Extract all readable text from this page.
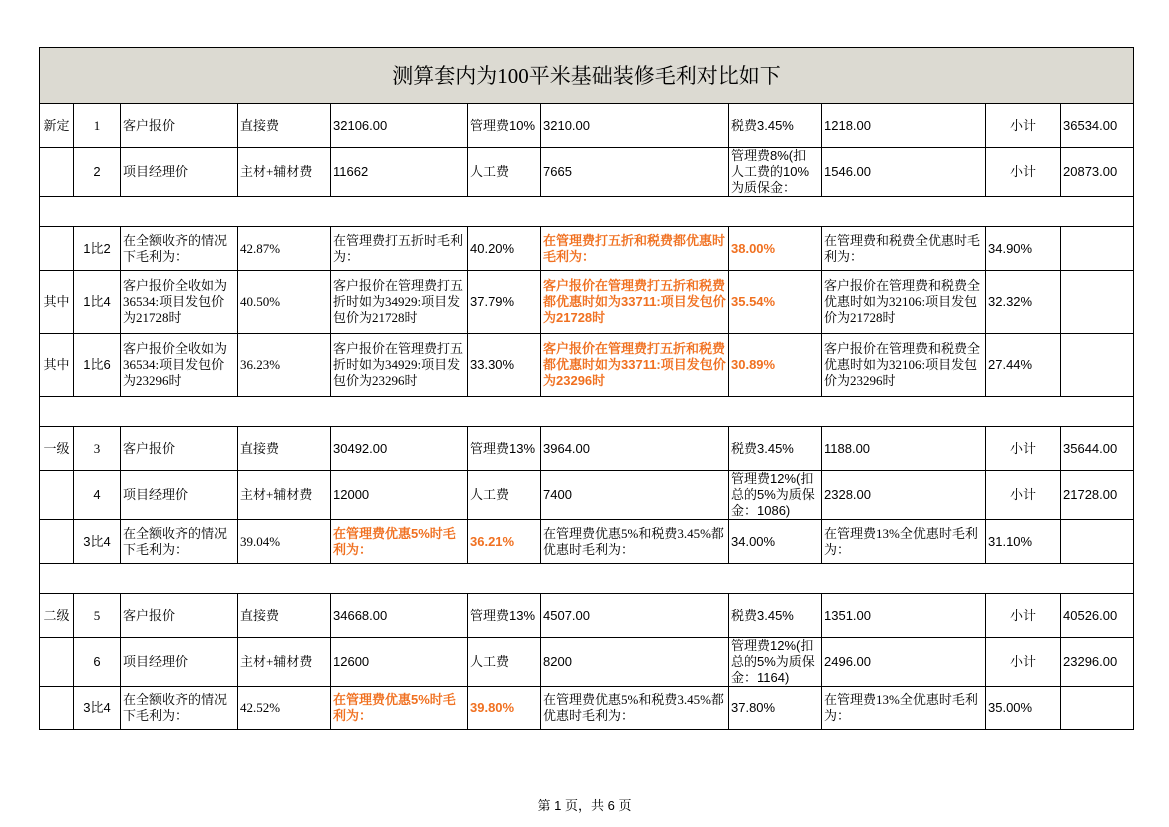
测算套内为100平米基础装修毛利对比如下										
新定	1	客户报价	直接费	32106.00	管理费10%	3210.00	税费3.45%	1218.00	小计	36534.00
	2	项目经理价	主材+辅材费	11662	人工费	7665	管理费8%(扣人工费的10%为质保金：	1546.00	小计	20873.00

	1比2	在全额收齐的情况下毛利为：	42.87%	在管理费打五折时毛利为：	40.20%	在管理费打五折和税费都优惠时毛利为：	38.00%	在管理费和税费全优惠时毛利为：	34.90%	
其中	1比4	客户报价全收如为36534:项目发包价为21728时	40.50%	客户报价在管理费打五折时如为34929:项目发包价为21728时	37.79%	客户报价在管理费打五折和税费都优惠时如为33711:项目发包价为21728时	35.54%	客户报价在管理费和税费全优惠时如为32106:项目发包价为21728时	32.32%	
其中	1比6	客户报价全收如为36534:项目发包价为23296时	36.23%	客户报价在管理费打五折时如为34929:项目发包价为23296时	33.30%	客户报价在管理费打五折和税费都优惠时如为33711:项目发包价为23296时	30.89%	客户报价在管理费和税费全优惠时如为32106:项目发包价为23296时	27.44%	

一级	3	客户报价	直接费	30492.00	管理费13%	3964.00	税费3.45%	1188.00	小计	35644.00
	4	项目经理价	主材+辅材费	12000	人工费	7400	管理费12%(扣总的5%为质保金：1086)	2328.00	小计	21728.00
	3比4	在全额收齐的情况下毛利为：	39.04%	在管理费优惠5%时毛利为：	36.21%	在管理费优惠5%和税费3.45%都优惠时毛利为：	34.00%	在管理费13%全优惠时毛利为：	31.10%	

二级	5	客户报价	直接费	34668.00	管理费13%	4507.00	税费3.45%	1351.00	小计	40526.00
	6	项目经理价	主材+辅材费	12600	人工费	8200	管理费12%(扣总的5%为质保金：1164)	2496.00	小计	23296.00
	3比4	在全额收齐的情况下毛利为：	42.52%	在管理费优惠5%时毛利为：	39.80%	在管理费优惠5%和税费3.45%都优惠时毛利为：	37.80%	在管理费13%全优惠时毛利为：	35.00%	
第 1 页，共 6 页
